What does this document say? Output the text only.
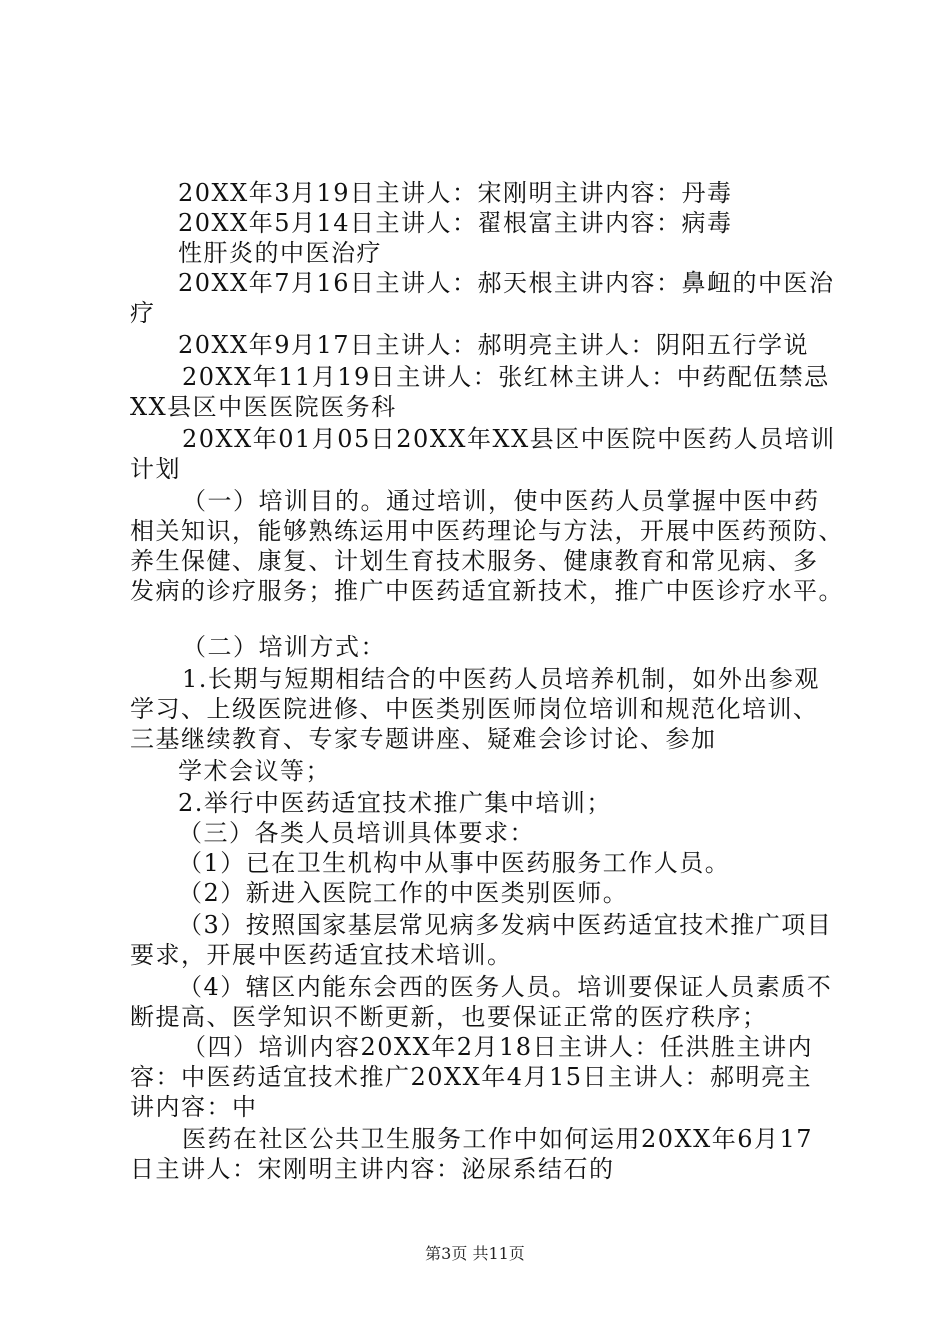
20XX年3月19日主讲人：宋刚明主讲内容：丹毒
20XX年5月14日主讲人：翟根富主讲内容：病毒
性肝炎的中医治疗
20XX年7月16日主讲人：郝天根主讲内容：鼻衄的中医治
疗
20XX年9月17日主讲人：郝明亮主讲人：阴阳五行学说
20XX年11月19日主讲人：张红林主讲人：中药配伍禁忌
XX县区中医医院医务科
20XX年01月05日20XX年XX县区中医院中医药人员培训
计划
（一）培训目的。通过培训，使中医药人员掌握中医中药
相关知识，能够熟练运用中医药理论与方法，开展中医药预防、
养生保健、康复、计划生育技术服务、健康教育和常见病、多
发病的诊疗服务；推广中医药适宜新技术，推广中医诊疗水平。
（二）培训方式：
1.长期与短期相结合的中医药人员培养机制，如外出参观
学习、上级医院进修、中医类别医师岗位培训和规范化培训、
三基继续教育、专家专题讲座、疑难会诊讨论、参加
学术会议等；
2.举行中医药适宜技术推广集中培训；
（三）各类人员培训具体要求：
（1）已在卫生机构中从事中医药服务工作人员。
（2）新进入医院工作的中医类别医师。
（3）按照国家基层常见病多发病中医药适宜技术推广项目
要求，开展中医药适宜技术培训。
（4）辖区内能东会西的医务人员。培训要保证人员素质不
断提高、医学知识不断更新，也要保证正常的医疗秩序；
（四）培训内容20XX年2月18日主讲人：任洪胜主讲内
容：中医药适宜技术推广20XX年4月15日主讲人：郝明亮主
讲内容：中
医药在社区公共卫生服务工作中如何运用20XX年6月17
日主讲人：宋刚明主讲内容：泌尿系结石的
第3页 共11页
